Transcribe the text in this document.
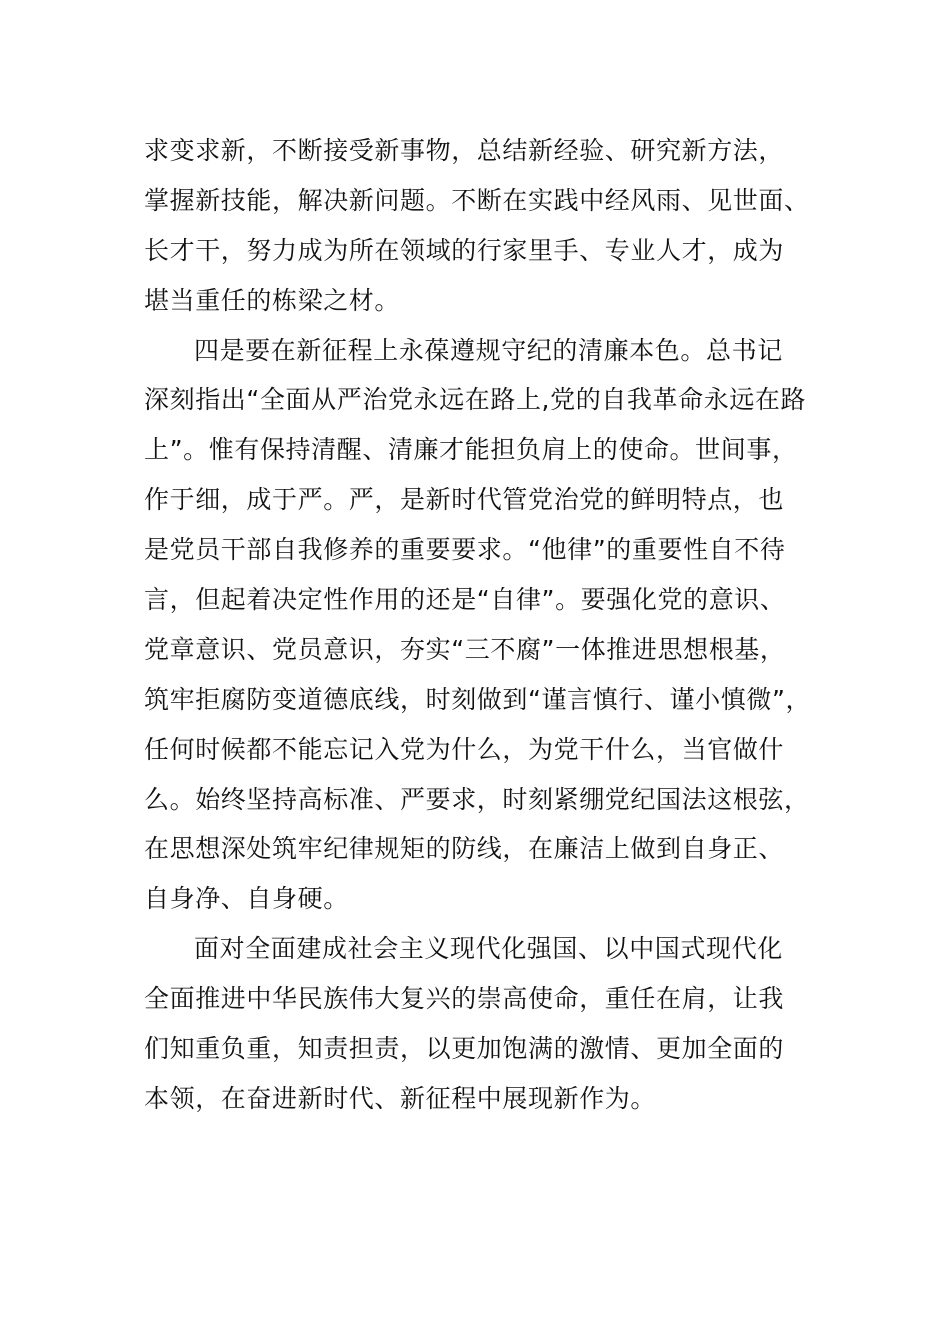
求变求新，不断接受新事物，总结新经验、研究新方法，
掌握新技能，解决新问题。不断在实践中经风雨、见世面、
长才干，努力成为所在领域的行家里手、专业人才，成为
堪当重任的栋梁之材。
四是要在新征程上永葆遵规守纪的清廉本色。总书记
深刻指出“全面从严治党永远在路上,党的自我革命永远在路
上”。惟有保持清醒、清廉才能担负肩上的使命。世间事，
作于细，成于严。严，是新时代管党治党的鲜明特点，也
是党员干部自我修养的重要要求。“他律”的重要性自不待
言，但起着决定性作用的还是“自律”。要强化党的意识、
党章意识、党员意识，夯实“三不腐”一体推进思想根基，
筑牢拒腐防变道德底线，时刻做到“谨言慎行、谨小慎微”，
任何时候都不能忘记入党为什么，为党干什么，当官做什
么。始终坚持高标准、严要求，时刻紧绷党纪国法这根弦，
在思想深处筑牢纪律规矩的防线，在廉洁上做到自身正、
自身净、自身硬。
面对全面建成社会主义现代化强国、以中国式现代化
全面推进中华民族伟大复兴的崇高使命，重任在肩，让我
们知重负重，知责担责，以更加饱满的激情、更加全面的
本领，在奋进新时代、新征程中展现新作为。
